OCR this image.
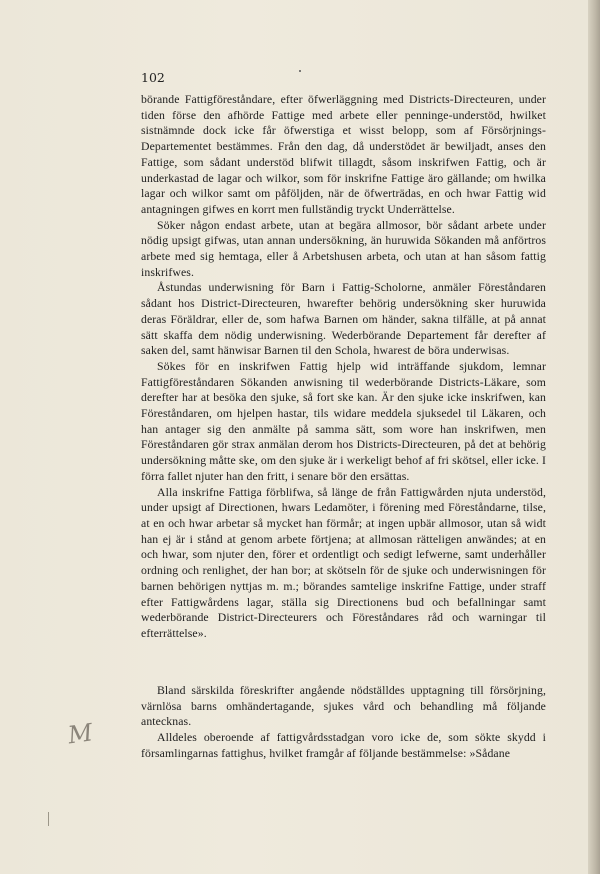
102

börande Fattigföreståndare, efter öfwerläggning med Districts-Directeuren, under tiden förse den afhörde Fattige med arbete eller penninge-understöd, hwilket sistnämnde dock icke får öfwerstiga et wisst belopp, som af Försörjnings-Departementet bestämmes. Från den dag, då understödet är bewiljadt, anses den Fattige, som sådant understöd blifwit tillagdt, såsom inskrifwen Fattig, och är underkastad de lagar och wilkor, som för inskrifne Fattige äro gällande; om hwilka lagar och wilkor samt om påföljden, när de öfwerträdas, en och hwar Fattig wid antagningen gifwes en korrt men fullständig tryckt Underrättelse.

Söker någon endast arbete, utan at begära allmosor, bör sådant arbete under nödig upsigt gifwas, utan annan undersökning, än huruwida Sökanden må anförtros arbete med sig hemtaga, eller å Arbetshusen arbeta, och utan at han såsom fattig inskrifwes.

Åstundas underwisning för Barn i Fattig-Scholorne, anmäler Föreståndaren sådant hos District-Directeuren, hwarefter behörig undersökning sker huruwida deras Föräldrar, eller de, som hafwa Barnen om händer, sakna tilfälle, at på annat sätt skaffa dem nödig underwisning. Wederbörande Departement får derefter af saken del, samt hänwisar Barnen til den Schola, hwarest de böra underwisas.

Sökes för en inskrifwen Fattig hjelp wid inträffande sjukdom, lemnar Fattigföreståndaren Sökanden anwisning til wederbörande Districts-Läkare, som derefter har at besöka den sjuke, så fort ske kan. Är den sjuke icke inskrifwen, kan Föreståndaren, om hjelpen hastar, tils widare meddela sjuksedel til Läkaren, och han antager sig den anmälte på samma sätt, som wore han inskrifwen, men Föreståndaren gör strax anmälan derom hos Districts-Directeuren, på det at behörig undersökning måtte ske, om den sjuke är i werkeligt behof af fri skötsel, eller icke. I förra fallet njuter han den fritt, i senare bör den ersättas.

Alla inskrifne Fattiga förblifwa, så länge de från Fattigwården njuta understöd, under upsigt af Directionen, hwars Ledamöter, i förening med Föreståndarne, tilse, at en och hwar arbetar så mycket han förmår; at ingen upbär allmosor, utan så widt han ej är i stånd at genom arbete förtjena; at allmosan rätteligen anwändes; at en och hwar, som njuter den, förer et ordentligt och sedigt lefwerne, samt underhåller ordning och renlighet, der han bor; at skötseln för de sjuke och underwisningen för barnen behörigen nyttjas m. m.; börandes samtelige inskrifne Fattige, under straff efter Fattigwårdens lagar, ställa sig Directionens bud och befallningar samt wederbörande District-Directeurers och Föreståndares råd och warningar til efterrättelse».

Bland särskilda föreskrifter angående nödställdes upptagning till försörjning, värnlösa barns omhändertagande, sjukes vård och behandling må följande antecknas.

Alldeles oberoende af fattigvårdsstadgan voro icke de, som sökte skydd i församlingarnas fattighus, hvilket framgår af följande bestämmelse: »Sådane

M
